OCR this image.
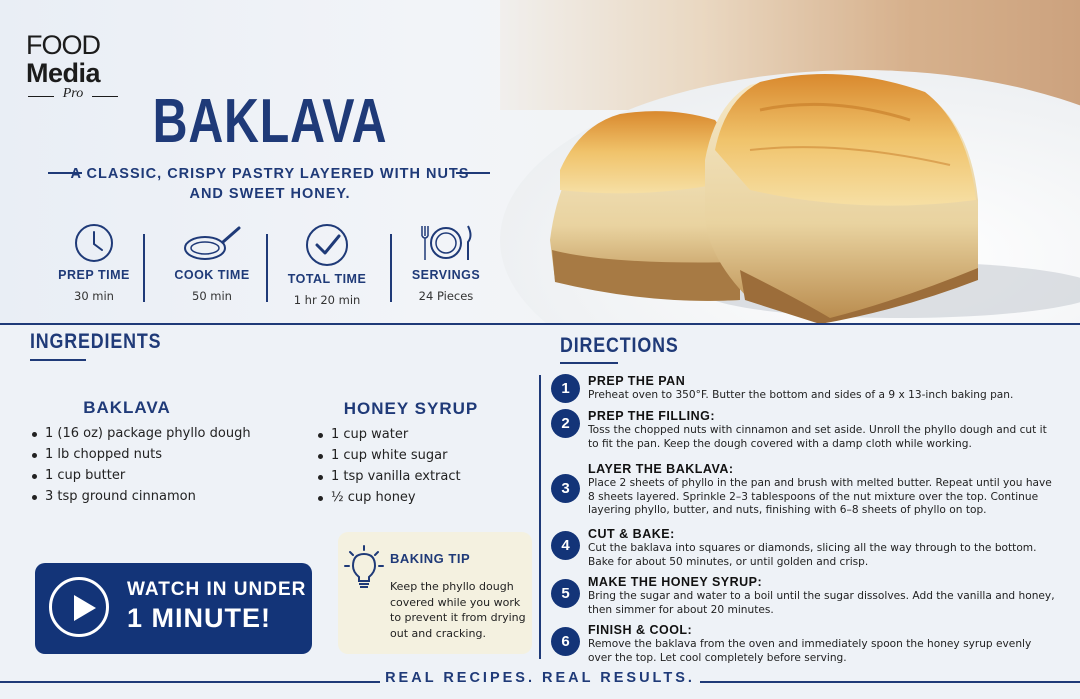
FOOD
Media
Pro	BAKLAVA
A CLASSIC, CRISPY PASTRY LAYERED WITH NUTS AND SWEET HONEY.
PREP TIME
30 min
COOK TIME
50 min
TOTAL TIME
1 hr 20 min
SERVINGS
24 Pieces
INGREDIENTS
BAKLAVA
1 (16 oz) package phyllo dough
1 lb chopped nuts
1 cup butter
3 tsp ground cinnamon
HONEY SYRUP
1 cup water
1 cup white sugar
1 tsp vanilla extract
½ cup honey
WATCH IN UNDER
1 MINUTE!
BAKING TIP
Keep the phyllo dough covered while you work to prevent it from drying out and cracking.
DIRECTIONS
1	PREP THE PAN
Preheat oven to 350°F. Butter the bottom and sides of a 9 x 13-inch baking pan.
2	PREP THE FILLING:
Toss the chopped nuts with cinnamon and set aside. Unroll the phyllo dough and cut it to fit the pan. Keep the dough covered with a damp cloth while working.
3
LAYER THE BAKLAVA:
Place 2 sheets of phyllo in the pan and brush with melted butter. Repeat until you have 8 sheets layered. Sprinkle 2–3 tablespoons of the nut mixture over the top. Continue layering phyllo, butter, and nuts, finishing with 6–8 sheets of phyllo on top.
4
CUT & BAKE:
Cut the baklava into squares or diamonds, slicing all the way through to the bottom. Bake for about 50 minutes, or until golden and crisp.
5
MAKE THE HONEY SYRUP:
Bring the sugar and water to a boil until the sugar dissolves. Add the vanilla and honey, then simmer for about 20 minutes.
6
FINISH & COOL:
Remove the baklava from the oven and immediately spoon the honey syrup evenly over the top. Let cool completely before serving.
REAL RECIPES. REAL RESULTS.
